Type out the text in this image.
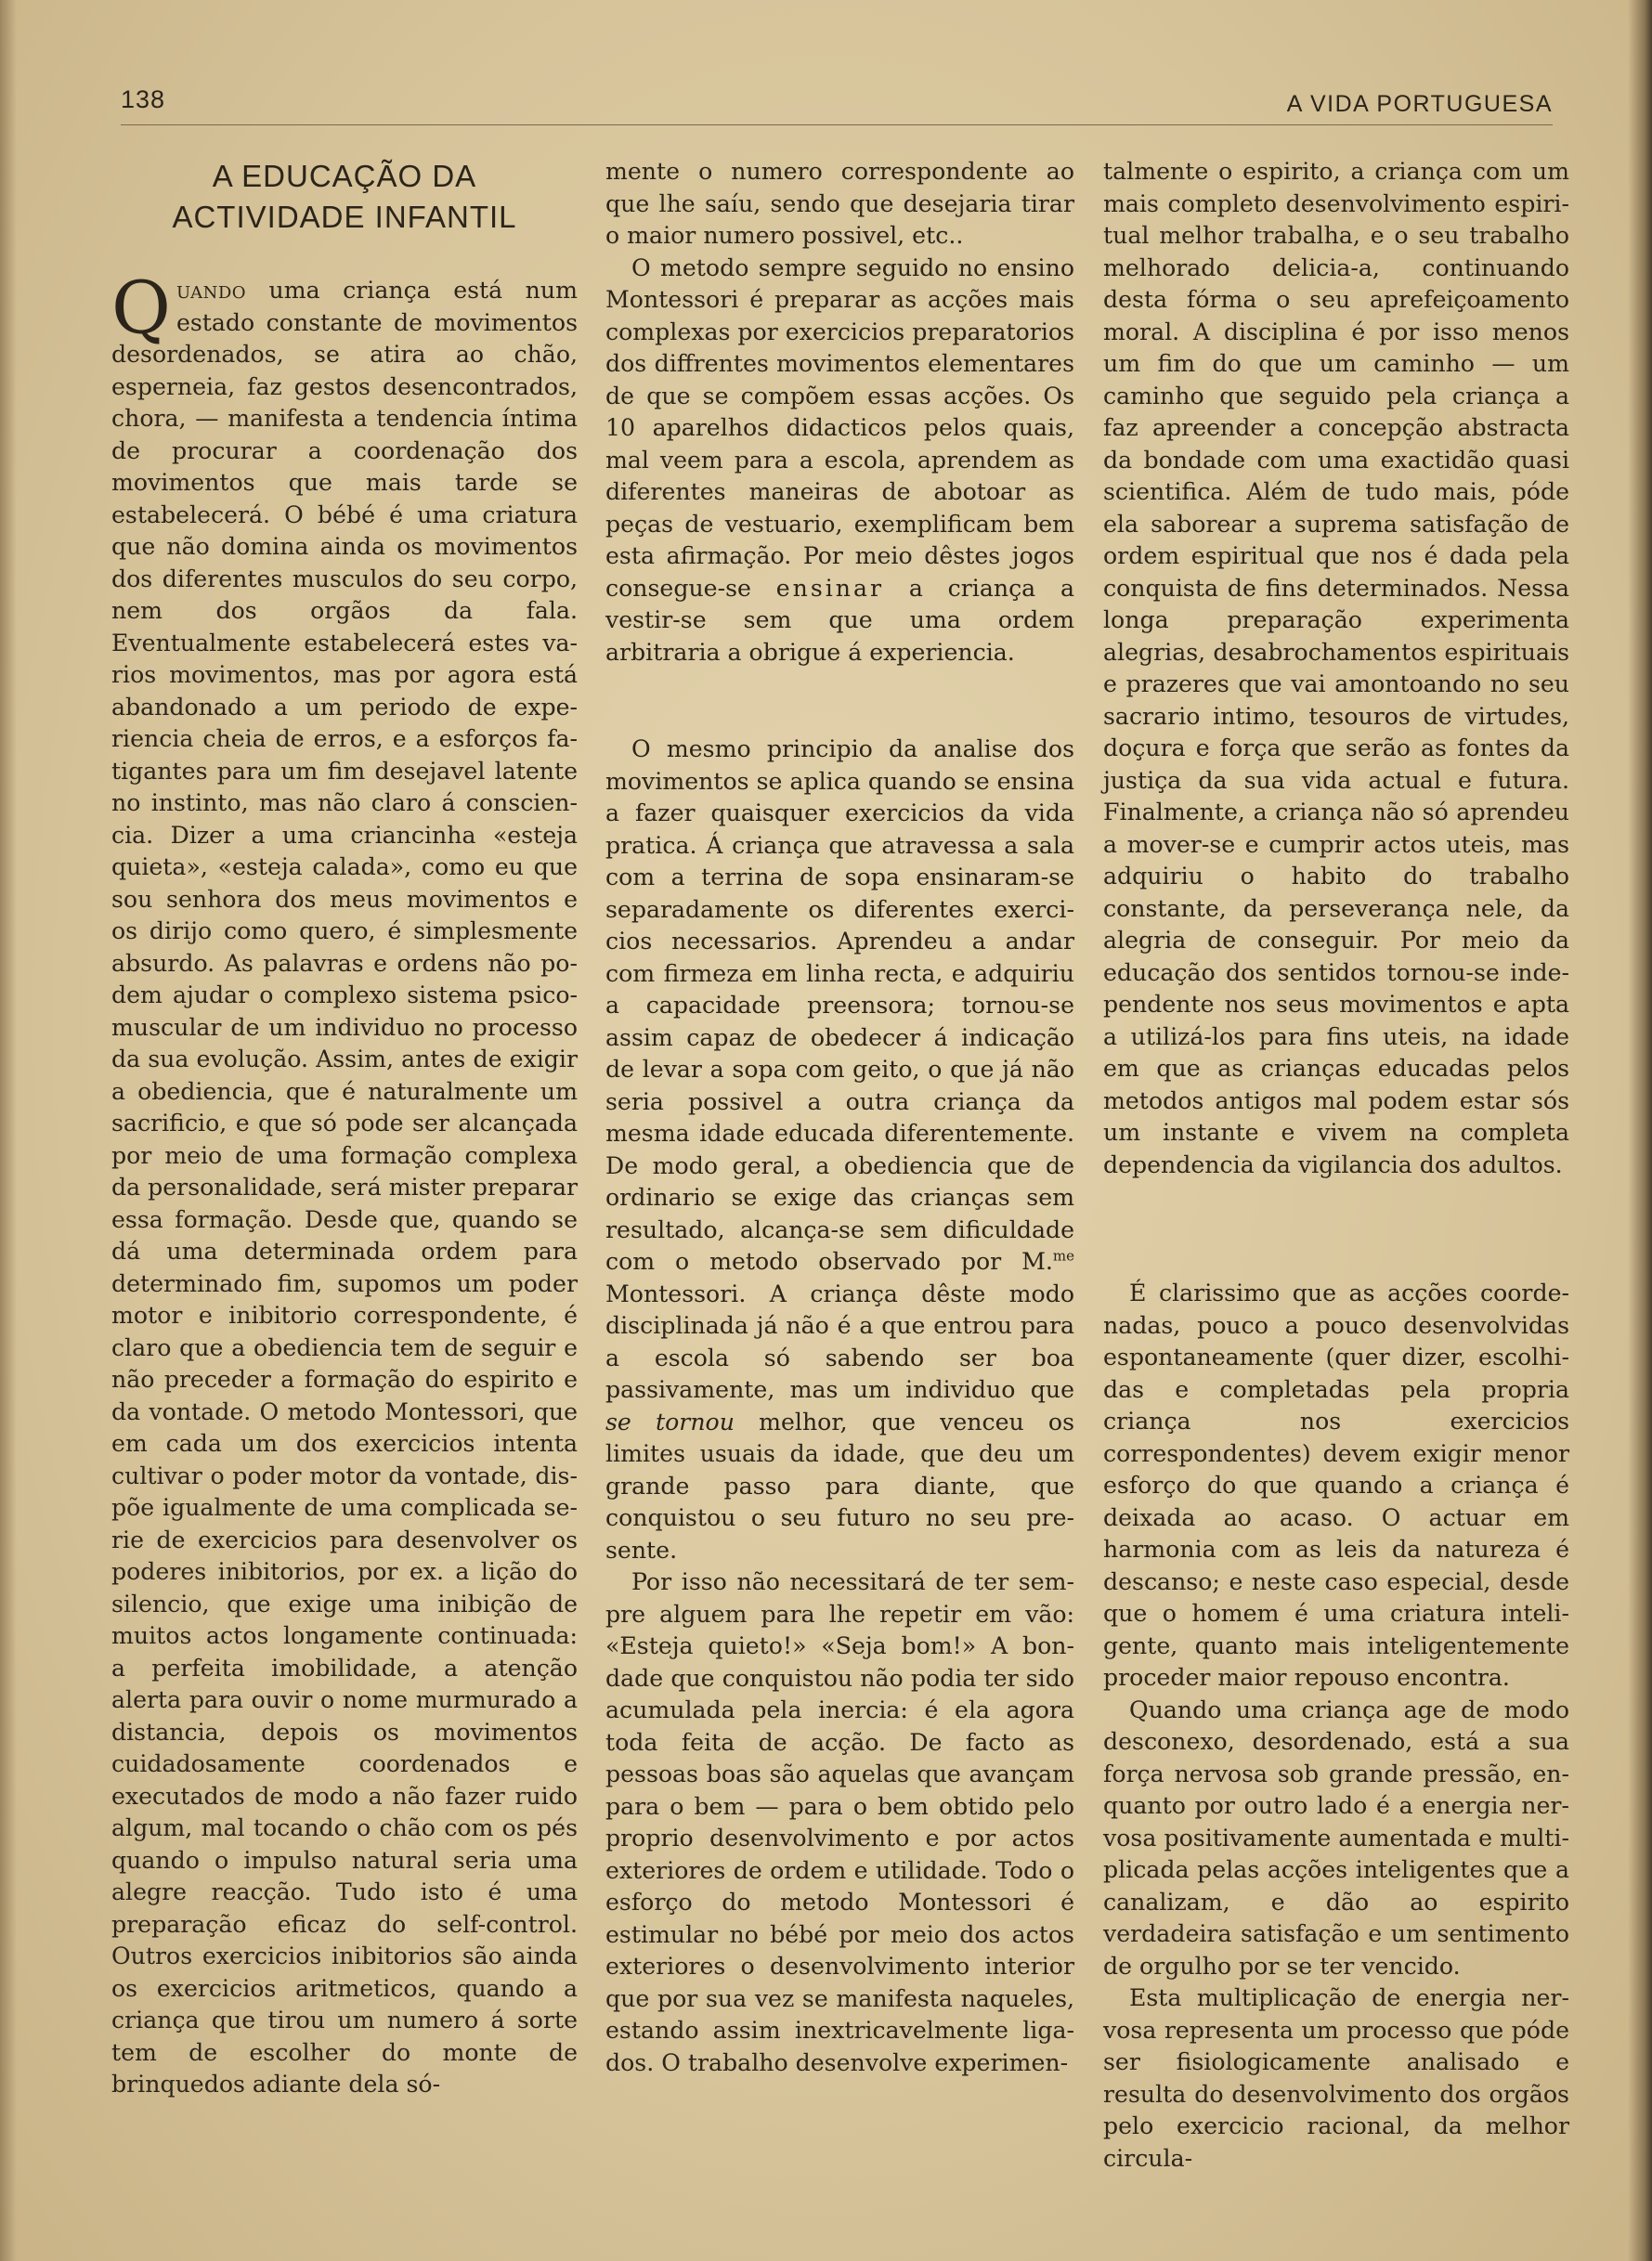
138	A VIDA PORTUGUESA
A EDUCAÇÃO DA
ACTIVIDADE INFANTIL

Quando uma criança está num estado constante de movimentos desordenados, se atira ao chão, esperneia, faz gestos desencontrados, chora, — manifesta a tendencia íntima de procurar a coordenação dos movimentos que mais tarde se estabelecerá. O bébé é uma criatura que não domina ainda os movimentos dos diferentes musculos do seu corpo, nem dos orgãos da fala. Eventualmente estabelecerá estes varios movimentos, mas por agora está abandonado a um periodo de experiencia cheia de erros, e a esforços fatigantes para um fim desejavel latente no instinto, mas não claro á consciencia. Dizer a uma criancinha «esteja quieta», «esteja calada», como eu que sou senhora dos meus movimentos e os dirijo como quero, é simplesmente absurdo. As palavras e ordens não podem ajudar o complexo sistema psico-muscular de um individuo no processo da sua evolução. Assim, antes de exigir a obediencia, que é naturalmente um sacrificio, e que só pode ser alcançada por meio de uma formação complexa da personalidade, será mister preparar essa formação. Desde que, quando se dá uma determinada ordem para determinado fim, supomos um poder motor e inibitorio correspondente, é claro que a obediencia tem de seguir e não preceder a formação do espirito e da vontade. O metodo Montessori, que em cada um dos exercicios intenta cultivar o poder motor da vontade, dispõe igualmente de uma complicada serie de exercicios para desenvolver os poderes inibitorios, por ex. a lição do silencio, que exige uma inibição de muitos actos longamente continuada: a perfeita imobilidade, a atenção alerta para ouvir o nome murmurado a distancia, depois os movimentos cuidadosamente coordenados e executados de modo a não fazer ruido algum, mal tocando o chão com os pés quando o impulso natural seria uma alegre reacção. Tudo isto é uma preparação eficaz do self-control. Outros exercicios inibitorios são ainda os exercicios aritmeticos, quando a criança que tirou um numero á sorte tem de escolher do monte de brinquedos adiante dela só-

mente o numero correspondente ao que lhe saíu, sendo que desejaria tirar o maior numero possivel, etc..

O metodo sempre seguido no ensino Montessori é preparar as acções mais complexas por exercicios preparatorios dos diffrentes movimentos elementares de que se compõem essas acções. Os 10 aparelhos didacticos pelos quais, mal veem para a escola, aprendem as diferentes maneiras de abotoar as peças de vestuario, exemplificam bem esta afirmação. Por meio dêstes jogos consegue-se ensinar a criança a vestir-se sem que uma ordem arbitraria a obrigue á experiencia.

O mesmo principio da analise dos movimentos se aplica quando se ensina a fazer quaisquer exercicios da vida pratica. Á criança que atravessa a sala com a terrina de sopa ensinaram-se separadamente os diferentes exercicios necessarios. Aprendeu a andar com firmeza em linha recta, e adquiriu a capacidade preensora; tornou-se assim capaz de obedecer á indicação de levar a sopa com geito, o que já não seria possivel a outra criança da mesma idade educada diferentemente. De modo geral, a obediencia que de ordinario se exige das crianças sem resultado, alcança-se sem dificuldade com o metodo observado por M.$^{me}$ Montessori. A criança dêste modo disciplinada já não é a que entrou para a escola só sabendo ser boa passivamente, mas um individuo que se tornou melhor, que venceu os limites usuais da idade, que deu um grande passo para diante, que conquistou o seu futuro no seu presente.

Por isso não necessitará de ter sempre alguem para lhe repetir em vão: «Esteja quieto!» «Seja bom!» A bondade que conquistou não podia ter sido acumulada pela inercia: é ela agora toda feita de acção. De facto as pessoas boas são aquelas que avançam para o bem — para o bem obtido pelo proprio desenvolvimento e por actos exteriores de ordem e utilidade. Todo o esforço do metodo Montessori é estimular no bébé por meio dos actos exteriores o desenvolvimento interior que por sua vez se manifesta naqueles, estando assim inextricavelmente ligados. O trabalho desenvolve experimen-

talmente o espirito, a criança com um mais completo desenvolvimento espiritual melhor trabalha, e o seu trabalho melhorado delicia-a, continuando desta fórma o seu aprefeiçoamento moral. A disciplina é por isso menos um fim do que um caminho — um caminho que seguido pela criança a faz apreender a concepção abstracta da bondade com uma exactidão quasi scientifica. Além de tudo mais, póde ela saborear a suprema satisfação de ordem espiritual que nos é dada pela conquista de fins determinados. Nessa longa preparação experimenta alegrias, desabrochamentos espirituais e prazeres que vai amontoando no seu sacrario intimo, tesouros de virtudes, doçura e força que serão as fontes da justiça da sua vida actual e futura. Finalmente, a criança não só aprendeu a mover-se e cumprir actos uteis, mas adquiriu o habito do trabalho constante, da perseverança nele, da alegria de conseguir. Por meio da educação dos sentidos tornou-se independente nos seus movimentos e apta a utilizá-los para fins uteis, na idade em que as crianças educadas pelos metodos antigos mal podem estar sós um instante e vivem na completa dependencia da vigilancia dos adultos.

É clarissimo que as acções coordenadas, pouco a pouco desenvolvidas espontaneamente (quer dizer, escolhidas e completadas pela propria criança nos exercicios correspondentes) devem exigir menor esforço do que quando a criança é deixada ao acaso. O actuar em harmonia com as leis da natureza é descanso; e neste caso especial, desde que o homem é uma criatura inteligente, quanto mais inteligentemente proceder maior repouso encontra.

Quando uma criança age de modo desconexo, desordenado, está a sua força nervosa sob grande pressão, enquanto por outro lado é a energia nervosa positivamente aumentada e multiplicada pelas acções inteligentes que a canalizam, e dão ao espirito verdadeira satisfação e um sentimento de orgulho por se ter vencido.

Esta multiplicação de energia nervosa representa um processo que póde ser fisiologicamente analisado e resulta do desenvolvimento dos orgãos pelo exercicio racional, da melhor circula-
